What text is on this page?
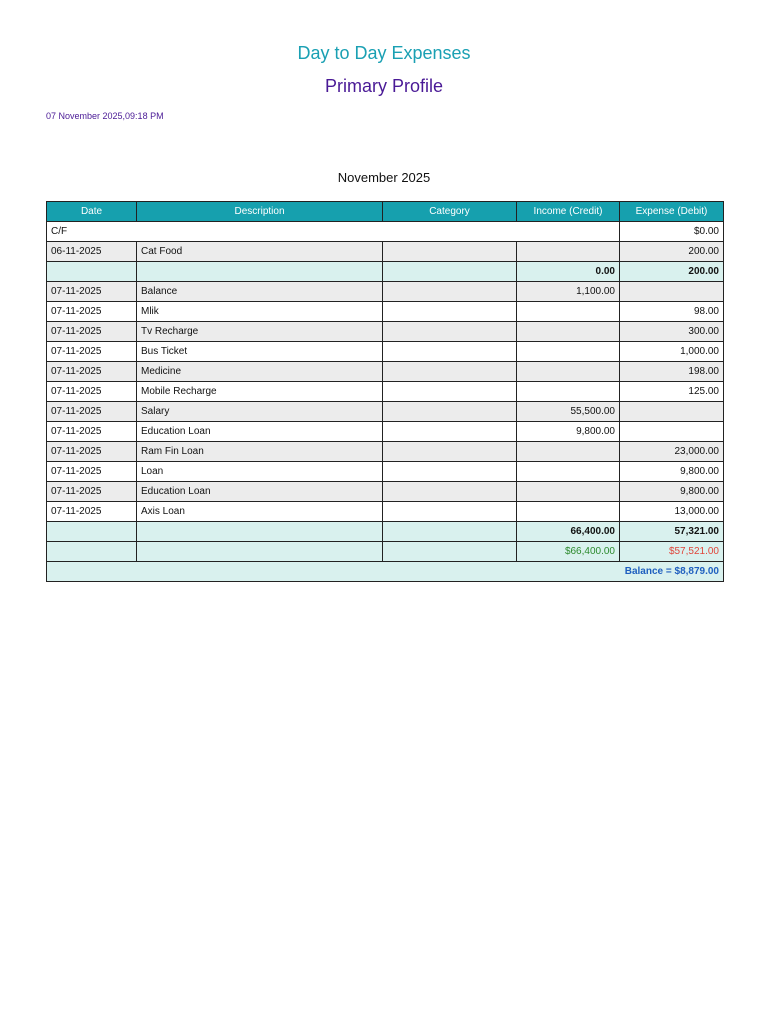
Day to Day Expenses
Primary Profile
07 November 2025,09:18 PM
November 2025
Date	Description	Category	Income (Credit)	Expense (Debit)
C/F				$0.00
06-11-2025	Cat Food			200.00
			0.00	200.00
07-11-2025	Balance		1,100.00	
07-11-2025	Mlik			98.00
07-11-2025	Tv Recharge			300.00
07-11-2025	Bus Ticket			1,000.00
07-11-2025	Medicine			198.00
07-11-2025	Mobile Recharge			125.00
07-11-2025	Salary		55,500.00	
07-11-2025	Education Loan		9,800.00	
07-11-2025	Ram Fin Loan			23,000.00
07-11-2025	Loan			9,800.00
07-11-2025	Education Loan			9,800.00
07-11-2025	Axis Loan			13,000.00
			66,400.00	57,321.00
			$66,400.00	$57,521.00
Balance = $8,879.00				
